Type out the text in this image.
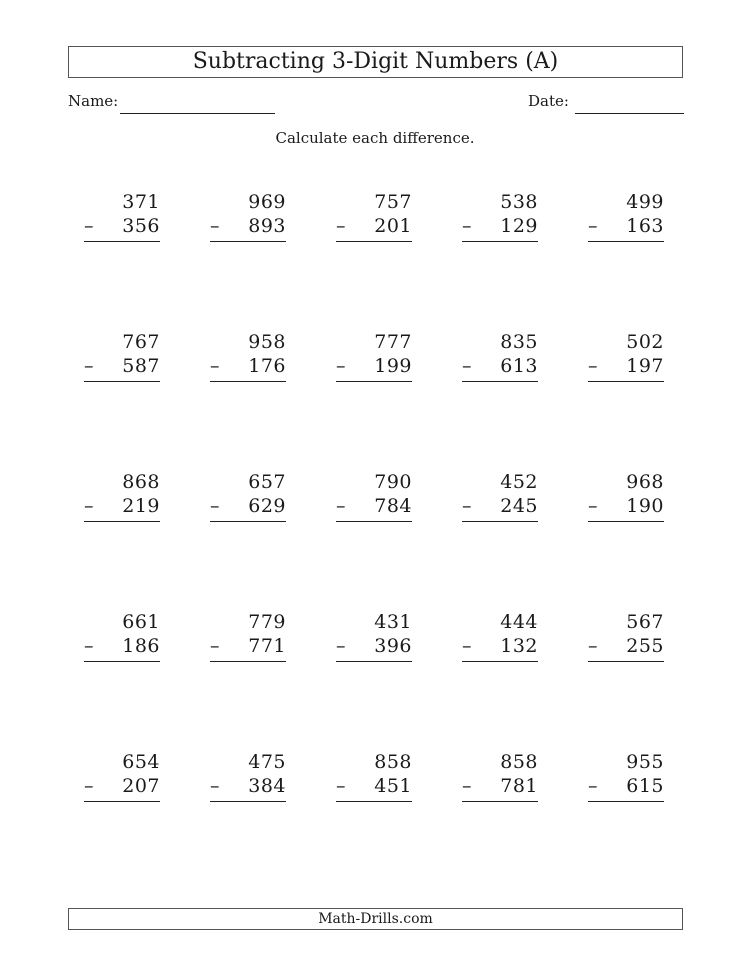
Subtracting 3-Digit Numbers (A)
Name:	Date:
Calculate each difference.
371
– 356
969
– 893
757
– 201
538
– 129
499
– 163
767
– 587
958
– 176
777
– 199
835
– 613
502
– 197
868
– 219
657
– 629
790
– 784
452
– 245
968
– 190
661
– 186
779
– 771
431
– 396
444
– 132
567
– 255
654
– 207
475
– 384
858
– 451
858
– 781
955
– 615
Math-Drills.com
